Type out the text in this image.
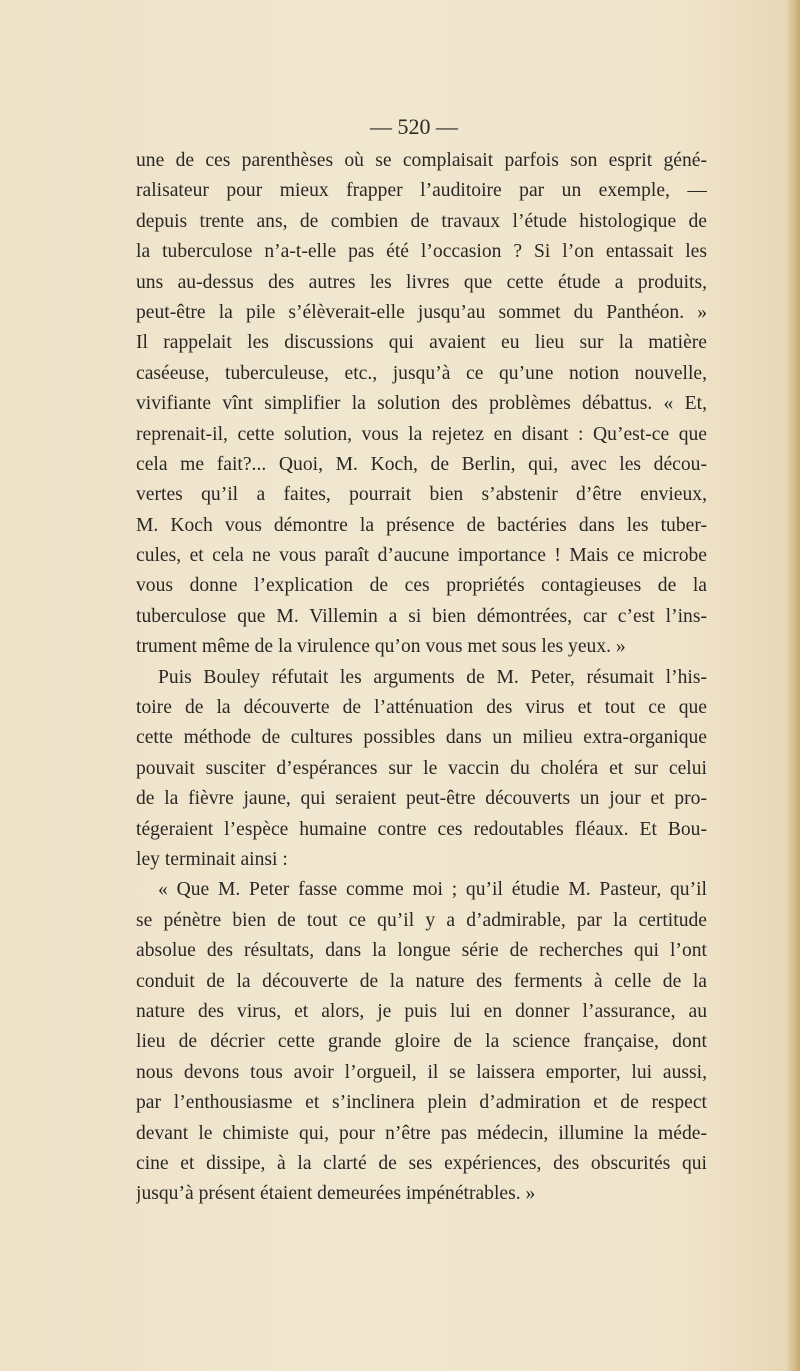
— 520 —
une de ces parenthèses où se complaisait parfois son esprit géné-
ralisateur pour mieux frapper l’auditoire par un exemple, —
depuis trente ans, de combien de travaux l’étude histologique de
la tuberculose n’a-t-elle pas été l’occasion ? Si l’on entassait les
uns au-dessus des autres les livres que cette étude a produits,
peut-être la pile s’élèverait-elle jusqu’au sommet du Panthéon. »
Il rappelait les discussions qui avaient eu lieu sur la matière
caséeuse, tuberculeuse, etc., jusqu’à ce qu’une notion nouvelle,
vivifiante vînt simplifier la solution des problèmes débattus. « Et,
reprenait-il, cette solution, vous la rejetez en disant : Qu’est-ce que
cela me fait?... Quoi, M. Koch, de Berlin, qui, avec les décou-
vertes qu’il a faites, pourrait bien s’abstenir d’être envieux,
M. Koch vous démontre la présence de bactéries dans les tuber-
cules, et cela ne vous paraît d’aucune importance ! Mais ce microbe
vous donne l’explication de ces propriétés contagieuses de la
tuberculose que M. Villemin a si bien démontrées, car c’est l’ins-
trument même de la virulence qu’on vous met sous les yeux. »
Puis Bouley réfutait les arguments de M. Peter, résumait l’his-
toire de la découverte de l’atténuation des virus et tout ce que
cette méthode de cultures possibles dans un milieu extra-organique
pouvait susciter d’espérances sur le vaccin du choléra et sur celui
de la fièvre jaune, qui seraient peut-être découverts un jour et pro-
tégeraient l’espèce humaine contre ces redoutables fléaux. Et Bou-
ley terminait ainsi :
« Que M. Peter fasse comme moi ; qu’il étudie M. Pasteur, qu’il
se pénètre bien de tout ce qu’il y a d’admirable, par la certitude
absolue des résultats, dans la longue série de recherches qui l’ont
conduit de la découverte de la nature des ferments à celle de la
nature des virus, et alors, je puis lui en donner l’assurance, au
lieu de décrier cette grande gloire de la science française, dont
nous devons tous avoir l’orgueil, il se laissera emporter, lui aussi,
par l’enthousiasme et s’inclinera plein d’admiration et de respect
devant le chimiste qui, pour n’être pas médecin, illumine la méde-
cine et dissipe, à la clarté de ses expériences, des obscurités qui
jusqu’à présent étaient demeurées impénétrables. »
